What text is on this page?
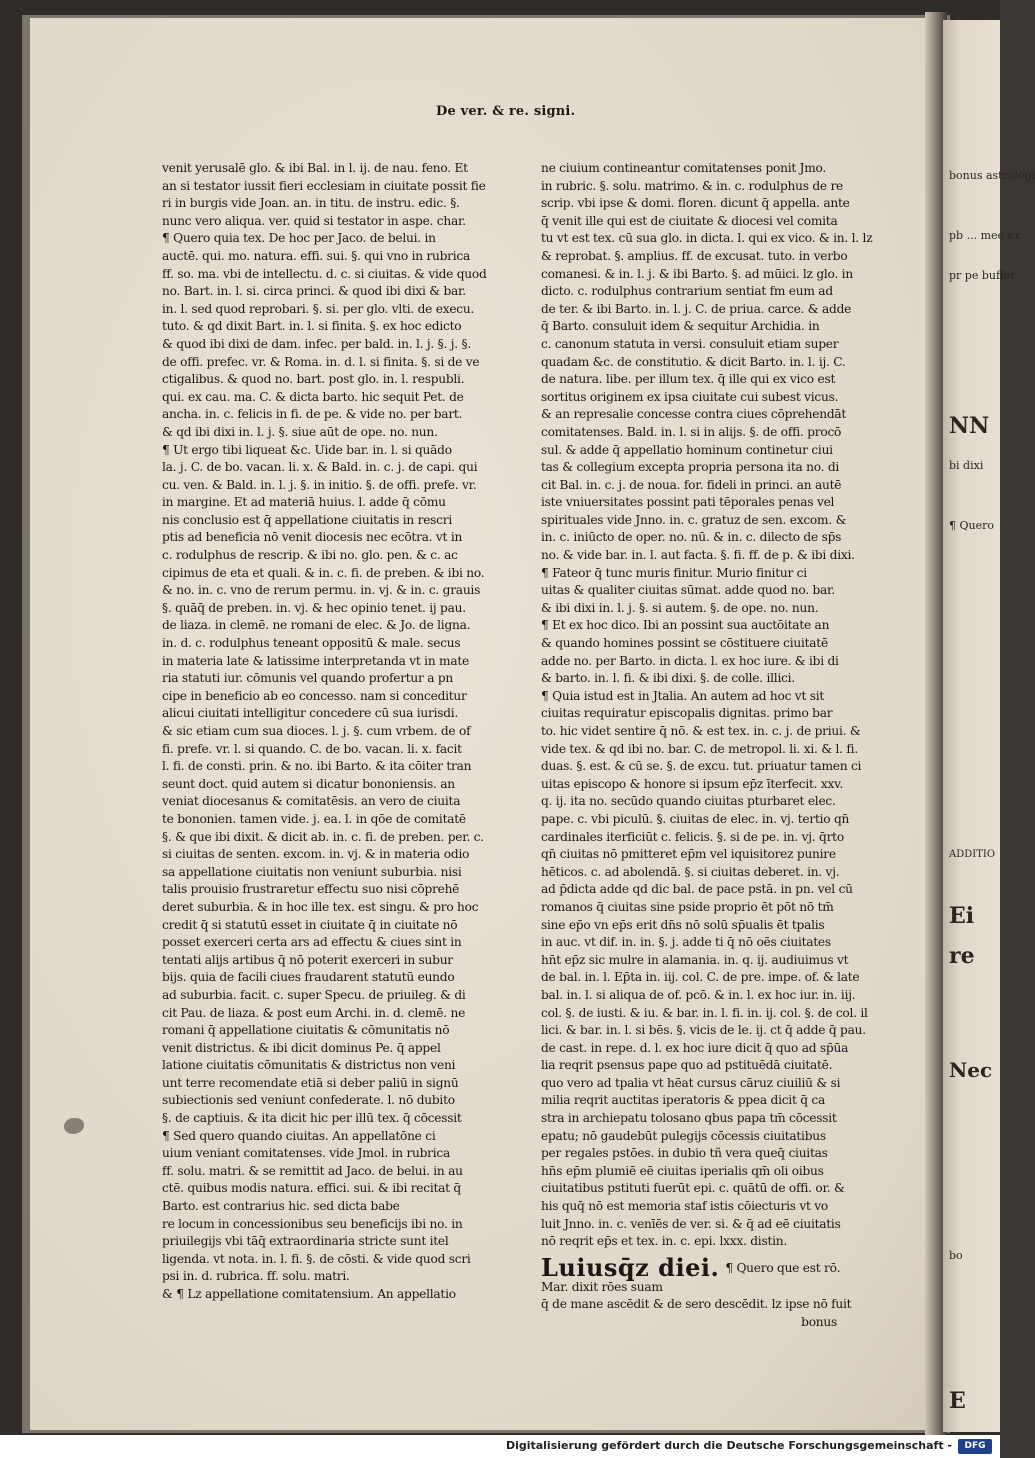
bonus astrologi
pb ... mee ex
pr pe buffer
NN
bi dixi
¶ Quero
ADDITIO
Ei
re
Nec
bo
E
De ver. & re. signi.
venit yerusalē glo. & ibi Bal. in l. ij. de nau. feno. Et
an si testator iussit fieri ecclesiam in ciuitate possit fie
ri in burgis vide Joan. an. in titu. de instru. edic. §.
nunc vero aliqua. ver. quid si testator in aspe. char.
¶ Quero quia tex. De hoc per Jaco. de belui. in
auctē. qui. mo. natura. effi. sui. §. qui vno in rubrica
ff. so. ma. vbi de intellectu. d. c. si ciuitas. & vide quod
no. Bart. in. l. si. circa princi. & quod ibi dixi & bar.
in. l. sed quod reprobari. §. si. per glo. vlti. de execu.
tuto. & qd dixit Bart. in. l. si finita. §. ex hoc edicto
& quod ibi dixi de dam. infec. per bald. in. l. j. §. j. §.
de offi. prefec. vr. & Roma. in. d. l. si finita. §. si de ve
ctigalibus. & quod no. bart. post glo. in. l. respubli.
qui. ex cau. ma. C. & dicta barto. hic sequit Pet. de
ancha. in. c. felicis in fi. de pe. & vide no. per bart.
& qd ibi dixi in. l. j. §. siue aūt de ope. no. nun.
¶ Ut ergo tibi liqueat &c. Uide bar. in. l. si quādo
la. j. C. de bo. vacan. li. x. & Bald. in. c. j. de capi. qui
cu. ven. & Bald. in. l. j. §. in initio. §. de offi. prefe. vr.
in margine. Et ad materiā huius. l. adde q̄ cōmu
nis conclusio est q̄ appellatione ciuitatis in rescri
ptis ad beneficia nō venit diocesis nec ecōtra. vt in
c. rodulphus de rescrip. & ibi no. glo. pen. & c. ac
cipimus de eta et quali. & in. c. fi. de preben. & ibi no.
& no. in. c. vno de rerum permu. in. vj. & in. c. grauis
§. quāq̄ de preben. in. vj. & hec opinio tenet. ij pau.
de liaza. in clemē. ne romani de elec. & Jo. de ligna.
in. d. c. rodulphus teneant oppositū & male. secus
in materia late & latissime interpretanda vt in mate
ria statuti iur. cōmunis vel quando profertur a pn
cipe in beneficio ab eo concesso. nam si conceditur
alicui ciuitati intelligitur concedere cū sua iurisdi.
& sic etiam cum sua dioces. l. j. §. cum vrbem. de of
fi. prefe. vr. l. si quando. C. de bo. vacan. li. x. facit
l. fi. de consti. prin. & no. ibi Barto. & ita cōiter tran
seunt doct. quid autem si dicatur bononiensis. an
veniat diocesanus & comitatēsis. an vero de ciuita
te bononien. tamen vide. j. ea. l. in qōe de comitatē
§. & que ibi dixit. & dicit ab. in. c. fi. de preben. per. c.
si ciuitas de senten. excom. in. vj. & in materia odio
sa appellatione ciuitatis non veniunt suburbia. nisi
talis prouisio frustraretur effectu suo nisi cōprehē
deret suburbia. & in hoc ille tex. est singu. & pro hoc
credit q̄ si statutū esset in ciuitate q̄ in ciuitate nō
posset exerceri certa ars ad effectu & ciues sint in
tentati alijs artibus q̄ nō poterit exerceri in subur
bijs. quia de facili ciues fraudarent statutū eundo
ad suburbia. facit. c. super Specu. de priuileg. & di
cit Pau. de liaza. & post eum Archi. in. d. clemē. ne
romani q̄ appellatione ciuitatis & cōmunitatis nō
venit districtus. & ibi dicit dominus Pe. q̄ appel
latione ciuitatis cōmunitatis & districtus non veni
unt terre recomendate etiā si deber paliū in signū
subiectionis sed veniunt confederate. l. nō dubito
§. de captiuis. & ita dicit hic per illū tex. q̄ cōcessit
¶ Sed quero quando ciuitas. An appellatōne ci
uium veniant comitatenses. vide Jmol. in rubrica
ff. solu. matri. & se remittit ad Jaco. de belui. in au
ctē. quibus modis natura. effici. sui. & ibi recitat q̄
Barto. est contrarius hic. sed dicta babe
re locum in concessionibus seu beneficijs ibi no. in
priuilegijs vbi tāq̄ extraordinaria stricte sunt itel
ligenda. vt nota. in. l. fi. §. de cōsti. & vide quod scri
psi in. d. rubrica. ff. solu. matri.
& ¶ Lz appellatione comitatensium. An appellatio
ne ciuium contineantur comitatenses ponit Jmo.
in rubric. §. solu. matrimo. & in. c. rodulphus de re
scrip. vbi ipse & domi. floren. dicunt q̄ appella. ante
q̄ venit ille qui est de ciuitate & diocesi vel comita
tu vt est tex. cū sua glo. in dicta. l. qui ex vico. & in. l. lz
& reprobat. §. amplius. ff. de excusat. tuto. in verbo
comanesi. & in. l. j. & ibi Barto. §. ad mūici. lz glo. in
dicto. c. rodulphus contrarium sentiat fm eum ad
de ter. & ibi Barto. in. l. j. C. de priua. carce. & adde
q̄ Barto. consuluit idem & sequitur Archidia. in
c. canonum statuta in versi. consuluit etiam super
quadam &c. de constitutio. & dicit Barto. in. l. ij. C.
de natura. libe. per illum tex. q̄ ille qui ex vico est
sortitus originem ex ipsa ciuitate cui subest vicus.
& an represalie concesse contra ciues cōprehendāt
comitatenses. Bald. in. l. si in alijs. §. de offi. procō
sul. & adde q̄ appellatio hominum continetur ciui
tas & collegium excepta propria persona ita no. di
cit Bal. in. c. j. de noua. for. fideli in princi. an autē
iste vniuersitates possint pati tēporales penas vel
spirituales vide Jnno. in. c. gratuz de sen. excom. &
in. c. iniūcto de oper. no. nū. & in. c. dilecto de sp̄s
no. & vide bar. in. l. aut facta. §. fi. ff. de p. & ibi dixi.
¶ Fateor q̄ tunc muris finitur. Murio finitur ci
uitas & qualiter ciuitas sūmat. adde quod no. bar.
& ibi dixi in. l. j. §. si autem. §. de ope. no. nun.
¶ Et ex hoc dico. Ibi an possint sua auctōitate an
& quando homines possint se cōstituere ciuitatē
adde no. per Barto. in dicta. l. ex hoc iure. & ibi di
& barto. in. l. fi. & ibi dixi. §. de colle. illici.
¶ Quia istud est in Jtalia. An autem ad hoc vt sit
ciuitas requiratur episcopalis dignitas. primo bar
to. hic videt sentire q̄ nō. & est tex. in. c. j. de priui. &
vide tex. & qd ibi no. bar. C. de metropol. li. xi. & l. fi.
duas. §. est. & cū se. §. de excu. tut. priuatur tamen ci
uitas episcopo & honore si ipsum ep̄z īterfecit. xxv.
q. ij. ita no. secūdo quando ciuitas pturbaret elec.
pape. c. vbi piculū. §. ciuitas de elec. in. vj. tertio qn̄
cardinales iterficiūt c. felicis. §. si de pe. in. vj. q̄rto
qn̄ ciuitas nō pmitteret ep̄m vel iquisitorez punire
hēticos. c. ad abolendā. §. si ciuitas deberet. in. vj.
ad p̄dicta adde qd dic bal. de pace pstā. in pn. vel cū
romanos q̄ ciuitas sine pside proprio ēt pōt nō tm̄
sine ep̄o vn ep̄s erit dn̄s nō solū sp̄ualis ēt tpalis
in auc. vt dif. in. in. §. j. adde ti q̄ nō oēs ciuitates
hn̄t ep̄z sic mulre in alamania. in. q. ij. audiuimus vt
de bal. in. l. Ep̄ta in. iij. col. C. de pre. impe. of. & late
bal. in. l. si aliqua de of. pcō. & in. l. ex hoc iur. in. iij.
col. §. de iusti. & iu. & bar. in. l. fi. in. ij. col. §. de col. il
lici. & bar. in. l. si bēs. §. vicis de le. ij. ct q̄ adde q̄ pau.
de cast. in repe. d. l. ex hoc iure dicit q̄ quo ad sp̄ūa
lia reqrit psensus pape quo ad pstituēdā ciuitatē.
quo vero ad tpalia vt hēat cursus cāruz ciuiliū & si
milia reqrit auctitas iperatoris & ppea dicit q̄ ca
stra in archiepatu tolosano qbus papa tm̄ cōcessit
epatu; nō gaudebūt pulegijs cōcessis ciuitatibus
per regales pstōes. in dubio tñ vera queq̄ ciuitas
hn̄s ep̄m plumiē eē ciuitas iperialis qm̄ oli oibus
ciuitatibus pstituti fuerūt epi. c. quātū de offi. or. &
his quq̄ nō est memoria staf istis cōiecturis vt vo
luit Jnno. in. c. venīēs de ver. si. & q̄ ad eē ciuitatis
nō reqrit ep̄s et tex. in. c. epi. lxxx. distin.
Luiusq̄z diei. ¶ Quero que est rō.
Mar. dixit rōes suam
q̄ de mane ascēdit & de sero descēdit. lz ipse nō fuit
bonus
Digitalisierung gefördert durch die Deutsche Forschungsgemeinschaft -	DFG
